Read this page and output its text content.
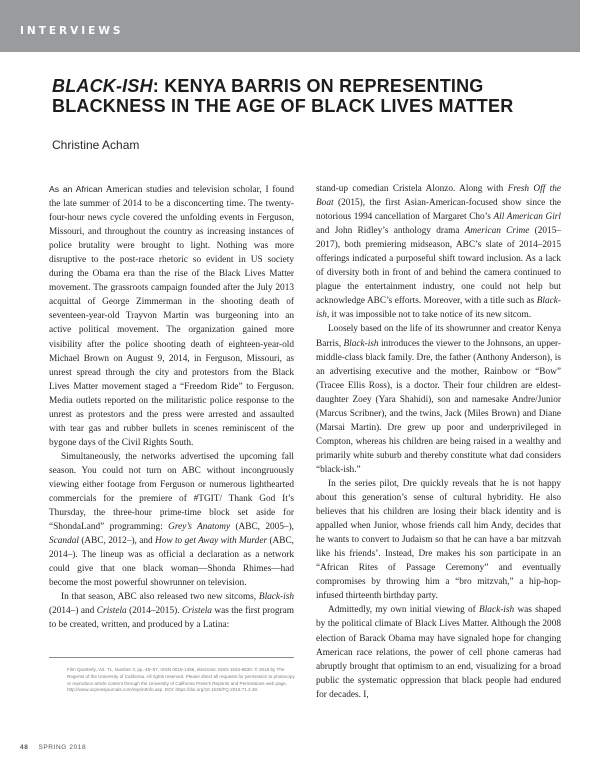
INTERVIEWS
BLACK-ISH: KENYA BARRIS ON REPRESENTING BLACKNESS IN THE AGE OF BLACK LIVES MATTER
Christine Acham

As an African American studies and television scholar, I found the late summer of 2014 to be a disconcerting time. The twenty-four-hour news cycle covered the unfolding events in Ferguson, Missouri, and throughout the country as increasing instances of police brutality were brought to light. Nothing was more disruptive to the post-race rhetoric so evident in US society during the Obama era than the rise of the Black Lives Matter movement. The grassroots campaign founded after the July 2013 acquittal of George Zimmerman in the shooting death of seventeen-year-old Trayvon Martin was burgeoning into an active political movement. The organization gained more visibility after the police shooting death of eighteen-year-old Michael Brown on August 9, 2014, in Ferguson, Missouri, as unrest spread through the city and protestors from the Black Lives Matter movement staged a “Freedom Ride” to Ferguson. Media outlets reported on the militaristic police response to the unrest as protestors and the press were arrested and assaulted with tear gas and rubber bullets in scenes reminiscent of the bygone days of the Civil Rights South.

Simultaneously, the networks advertised the upcoming fall season. You could not turn on ABC without incongruously viewing either footage from Ferguson or numerous lighthearted commercials for the premiere of #TGIT/ Thank God It’s Thursday, the three-hour prime-time block set aside for “ShondaLand” programming: Grey’s Anatomy (ABC, 2005–), Scandal (ABC, 2012–), and How to get Away with Murder (ABC, 2014–). The lineup was as official a declaration as a network could give that one black woman—Shonda Rhimes—had become the most powerful showrunner on television.

In that season, ABC also released two new sitcoms, Black-ish (2014–) and Cristela (2014–2015). Cristela was the first program to be created, written, and produced by a Latina:

Film Quarterly, Vol. 71, Number 3, pp. 48–57, ISSN 0015-1386, electronic ISSN 1533-8630. © 2018 by The Regents of the University of California. All rights reserved. Please direct all requests for permission to photocopy or reproduce article content through the University of California Press’s Reprints and Permissions web page, http://www.ucpressjournals.com/reprintInfo.asp. DOI: https://doi.org/10.1525/FQ.2018.71.3.48.

stand-up comedian Cristela Alonzo. Along with Fresh Off the Boat (2015), the first Asian-American-focused show since the notorious 1994 cancellation of Margaret Cho’s All American Girl and John Ridley’s anthology drama American Crime (2015–2017), both premiering midseason, ABC’s slate of 2014–2015 offerings indicated a purposeful shift toward inclusion. As a lack of diversity both in front of and behind the camera continued to plague the entertainment industry, one could not help but acknowledge ABC’s efforts. Moreover, with a title such as Black-ish, it was impossible not to take notice of its new sitcom.

Loosely based on the life of its showrunner and creator Kenya Barris, Black-ish introduces the viewer to the Johnsons, an upper-middle-class black family. Dre, the father (Anthony Anderson), is an advertising executive and the mother, Rainbow or “Bow” (Tracee Ellis Ross), is a doctor. Their four children are eldest-daughter Zoey (Yara Shahidi), son and namesake Andre/Junior (Marcus Scribner), and the twins, Jack (Miles Brown) and Diane (Marsai Martin). Dre grew up poor and underprivileged in Compton, whereas his children are being raised in a wealthy and primarily white suburb and thereby constitute what dad considers “black-ish.”

In the series pilot, Dre quickly reveals that he is not happy about this generation’s sense of cultural hybridity. He also believes that his children are losing their black identity and is appalled when Junior, whose friends call him Andy, decides that he wants to convert to Judaism so that he can have a bar mitzvah like his friends’. Instead, Dre makes his son participate in an “African Rites of Passage Ceremony” and eventually compromises by throwing him a “bro mitzvah,” a hip-hop-infused thirteenth birthday party.

Admittedly, my own initial viewing of Black-ish was shaped by the political climate of Black Lives Matter. Although the 2008 election of Barack Obama may have signaled hope for changing American race relations, the power of cell phone cameras had abruptly brought that optimism to an end, visualizing for a broad public the systematic oppression that black people had endured for decades. I,

48 SPRING 2018
